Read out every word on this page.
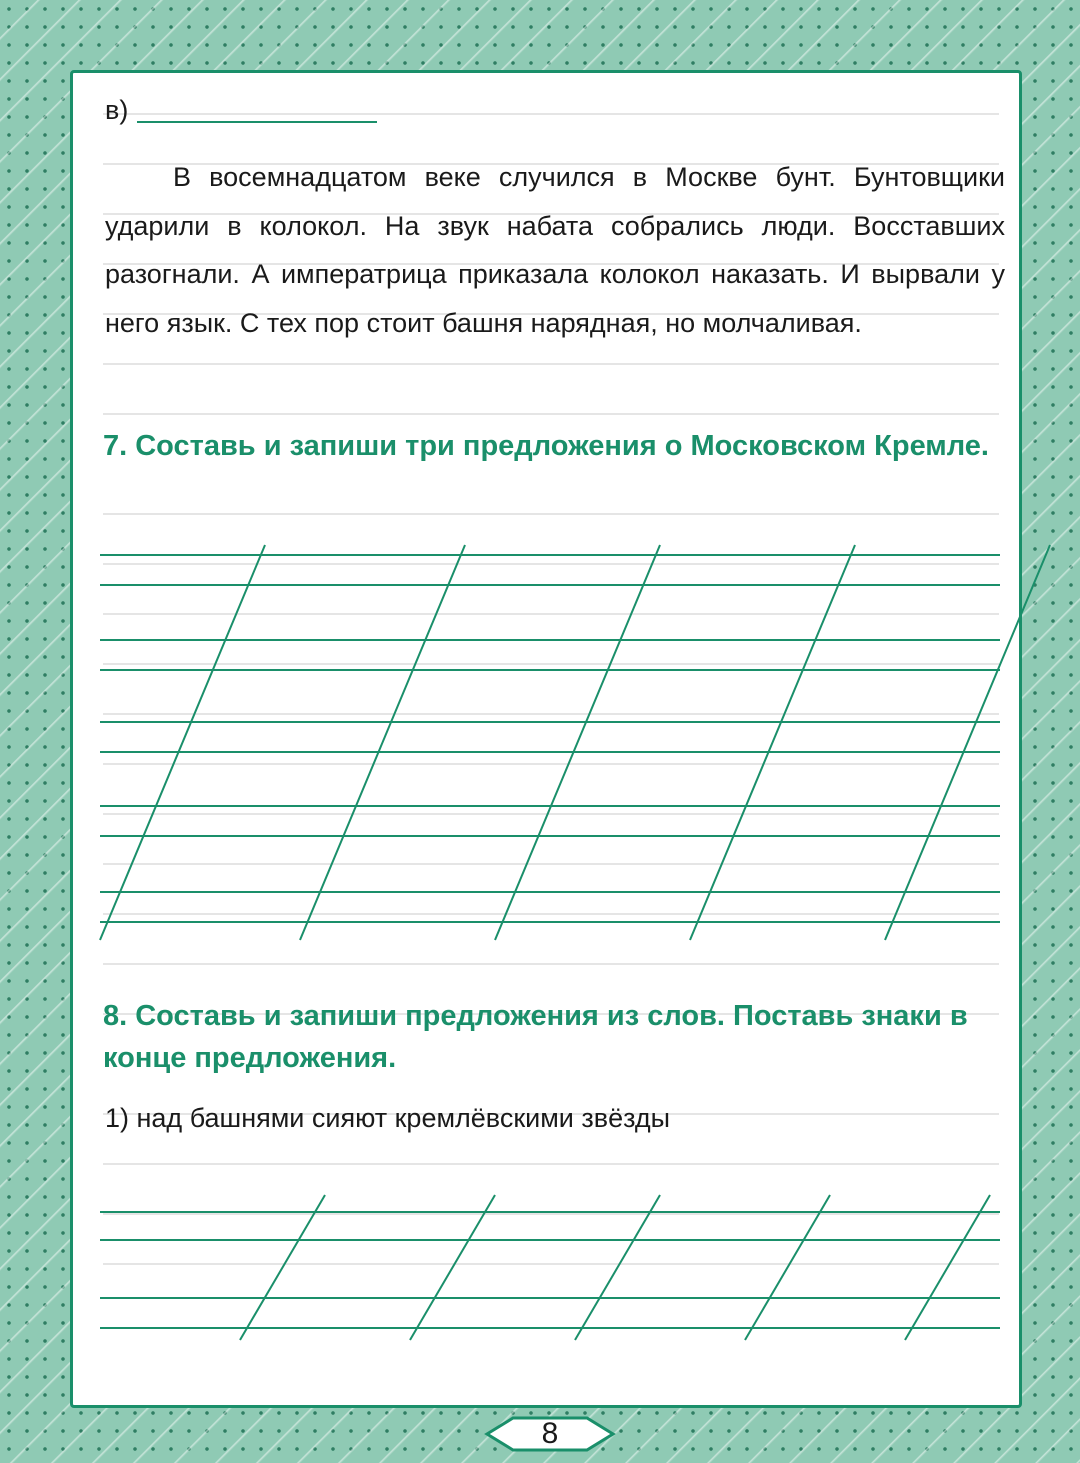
в)
В восемнадцатом веке случился в Москве бунт. Бунтовщики ударили в колокол. На звук набата собрались люди. Восставших разогнали. А императрица приказала колокол наказать. И вырвали у него язык. С тех пор стоит башня нарядная, но молчаливая.
7. Составь и запиши три предложения о Московском Кремле.
8. Составь и запиши предложения из слов. Поставь знаки в конце предложения.
1) над башнями сияют кремлёвскими звёзды
8
